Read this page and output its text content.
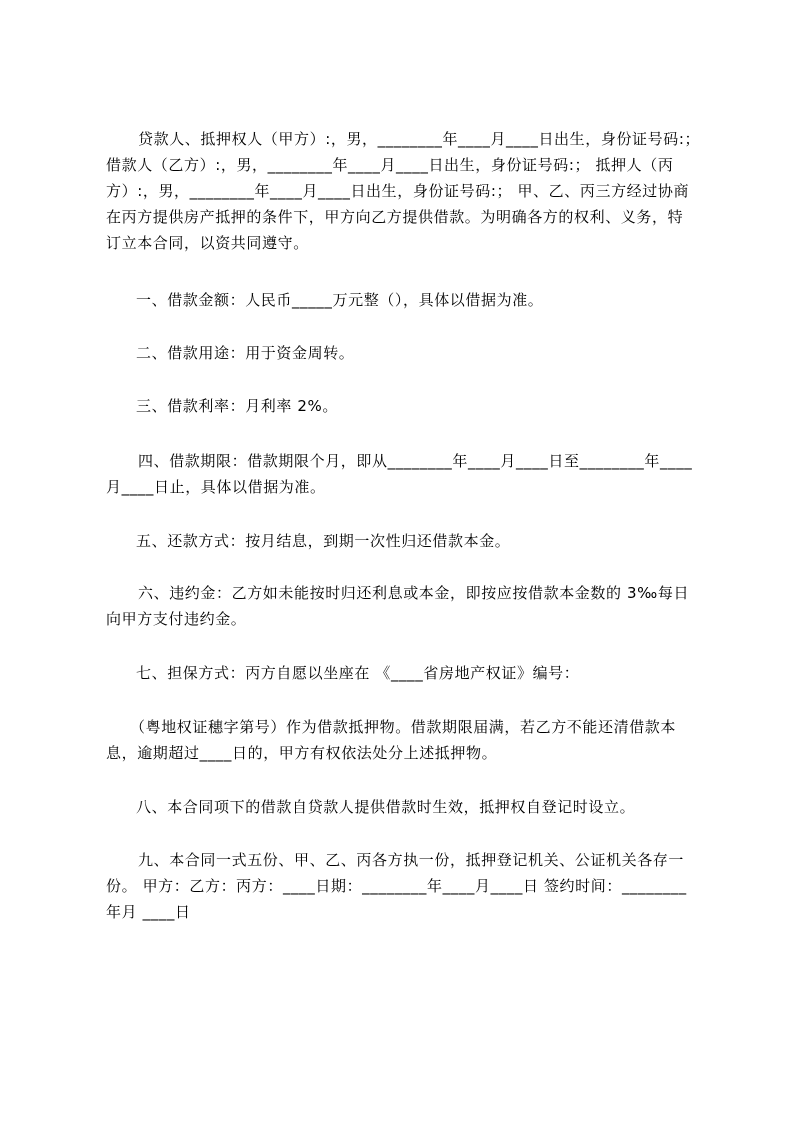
贷款人、抵押权人（甲方）:，男，________年____月____日出生，身份证号码:；
借款人（乙方）:，男，________年____月____日出生，身份证号码:； 抵押人（丙
方）:，男，________年____月____日出生，身份证号码:； 甲、乙、丙三方经过协商
在丙方提供房产抵押的条件下，甲方向乙方提供借款。为明确各方的权利、义务，特
订立本合同，以资共同遵守。
一、借款金额：人民币_____万元整（），具体以借据为准。
二、借款用途：用于资金周转。
三、借款利率：月利率 2%。
四、借款期限：借款期限个月，即从________年____月____日至________年____
月____日止，具体以借据为准。
五、还款方式：按月结息，到期一次性归还借款本金。
六、违约金：乙方如未能按时归还利息或本金，即按应按借款本金数的 3‰每日
向甲方支付违约金。
七、担保方式：丙方自愿以坐座在 《____省房地产权证》编号：
（粤地权证穗字第号）作为借款抵押物。借款期限届满，若乙方不能还清借款本
息，逾期超过____日的，甲方有权依法处分上述抵押物。
八、本合同项下的借款自贷款人提供借款时生效，抵押权自登记时设立。
九、本合同一式五份、甲、乙、丙各方执一份，抵押登记机关、公证机关各存一
份。 甲方：乙方：丙方：____日期：________年____月____日 签约时间：________
年月 ____日
